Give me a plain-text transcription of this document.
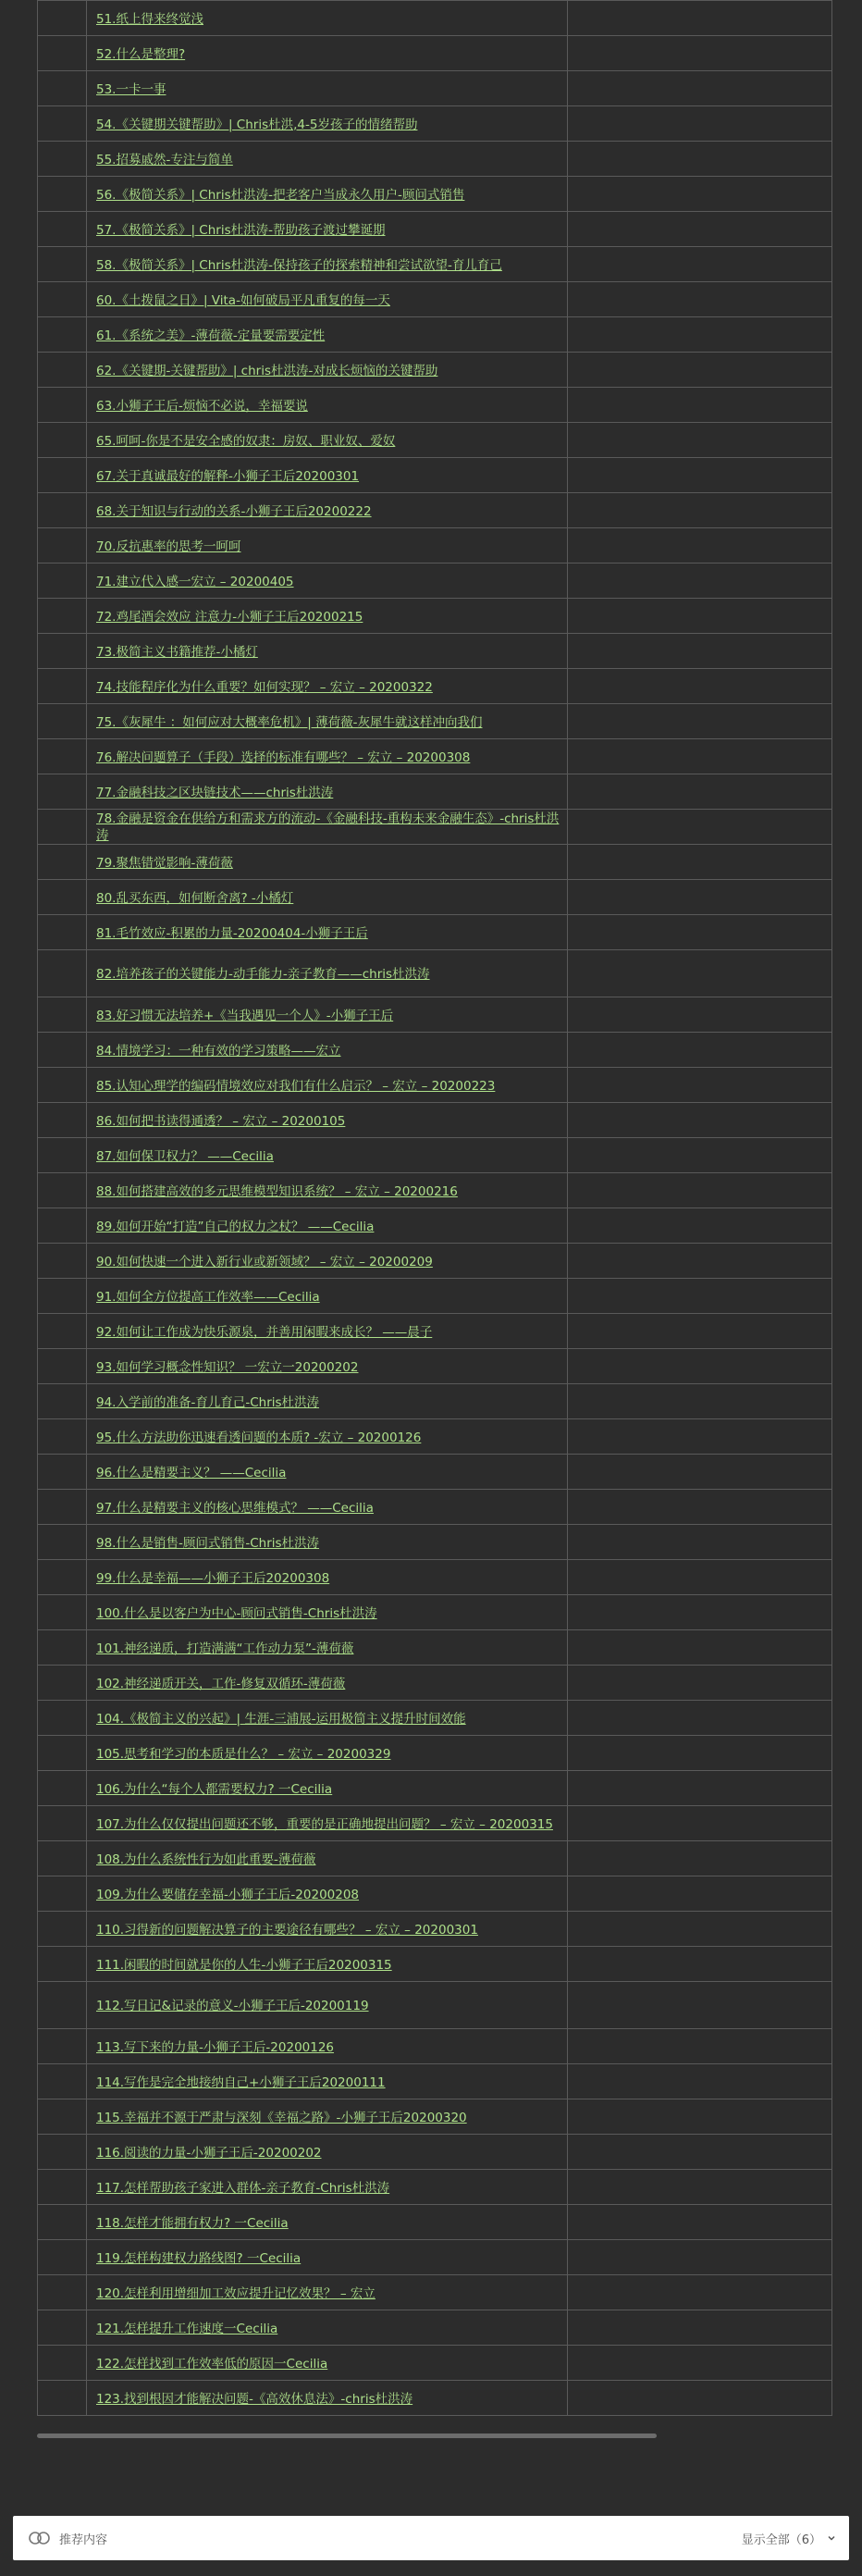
	51.纸上得来终觉浅	
	52.什么是整理?	
	53.一卡一事	
	54.《关键期关键帮助》| Chris杜洪,4-5岁孩子的情绪帮助	
	55.招募戚然-专注与简单	
	56.《极简关系》| Chris杜洪涛-把老客户当成永久用户-顾问式销售	
	57.《极简关系》| Chris杜洪涛-帮助孩子渡过攀诞期	
	58.《极简关系》| Chris杜洪涛-保持孩子的探索精神和尝试欲望-育儿育己	
	60.《土拨鼠之日》| Vita-如何破局平凡重复的每一天	
	61.《系统之美》-薄荷薇-定量要需要定性	
	62.《关键期-关键帮助》| chris杜洪涛-对成长烦恼的关键帮助	
	63.小狮子王后-烦恼不必说，幸福要说	
	65.呵呵-你是不是安全感的奴隶：房奴、职业奴、爱奴	
	67.关于真诚最好的解释-小狮子王后20200301	
	68.关于知识与行动的关系-小狮子王后20200222	
	70.反抗惠率的思考一呵呵	
	71.建立代入感一宏立 – 20200405	
	72.鸡尾酒会效应 注意力-小狮子王后20200215	
	73.极简主义书籍推荐-小橘灯	
	74.技能程序化为什么重要？如何实现？ – 宏立 – 20200322	
	75.《灰犀牛 ：如何应对大概率危机》| 薄荷薇-灰犀牛就这样冲向我们	
	76.解决问题算子（手段）选择的标准有哪些？ – 宏立 – 20200308	
	77.金融科技之区块链技术——chris杜洪涛	
	78.金融是资金在供给方和需求方的流动-《金融科技-重构未来金融生态》-chris杜洪涛	
	79.聚焦错觉影响-薄荷薇	
	80.乱买东西，如何断舍离? -小橘灯	
	81.毛竹效应-积累的力量-20200404-小狮子王后	
	82.培养孩子的关键能力-动手能力-亲子教育——chris杜洪涛	
	83.好习惯无法培养+《当我遇见一个人》-小狮子王后	
	84.情境学习：一种有效的学习策略——宏立	
	85.认知心理学的编码情境效应对我们有什么启示？ – 宏立 – 20200223	
	86.如何把书读得通透？ – 宏立 – 20200105	
	87.如何保卫权力？ ——Cecilia	
	88.如何搭建高效的多元思维模型知识系统？ – 宏立 – 20200216	
	89.如何开始“打造”自己的权力之杖？ ——Cecilia	
	90.如何快速一个进入新行业或新领域？ – 宏立 – 20200209	
	91.如何全方位提高工作效率——Cecilia	
	92.如何让工作成为快乐源泉，并善用闲暇来成长？ ——晨子	
	93.如何学习概念性知识？ 一宏立一20200202	
	94.入学前的准备-育儿育己-Chris杜洪涛	
	95.什么方法助你迅速看透问题的本质? -宏立 – 20200126	
	96.什么是精要主义？ ——Cecilia	
	97.什么是精要主义的核心思维模式？ ——Cecilia	
	98.什么是销售-顾问式销售-Chris杜洪涛	
	99.什么是幸福——小狮子王后20200308	
	100.什么是以客户为中心-顾问式销售-Chris杜洪涛	
	101.神经递质，打造满满“工作动力泵”-薄荷薇	
	102.神经递质开关，工作-修复双循环-薄荷薇	
	104.《极简主义的兴起》| 生涯-三浦展-运用极简主义提升时间效能	
	105.思考和学习的本质是什么？ – 宏立 – 20200329	
	106.为什么“每个人都需要权力? 一Cecilia	
	107.为什么仅仅提出问题还不够，重要的是正确地提出问题？ – 宏立 – 20200315	
	108.为什么系统性行为如此重要-薄荷薇	
	109.为什么要储存幸福-小狮子王后-20200208	
	110.习得新的问题解决算子的主要途径有哪些？ – 宏立 – 20200301	
	111.闲暇的时间就是你的人生-小狮子王后20200315	
	112.写日记&记录的意义-小狮子王后-20200119	
	113.写下来的力量-小狮子王后-20200126	
	114.写作是完全地接纳自己+小狮子王后20200111	
	115.幸福并不源于严肃与深刻《幸福之路》-小狮子王后20200320	
	116.阅读的力量-小狮子王后-20200202	
	117.怎样帮助孩子家进入群体-亲子教育-Chris杜洪涛	
	118.怎样才能拥有权力? 一Cecilia	
	119.怎样构建权力路线图? 一Cecilia	
	120.怎样利用增细加工效应提升记忆效果？ – 宏立	
	121.怎样提升工作速度一Cecilia	
	122.怎样找到工作效率低的原因一Cecilia	
	123.找到根因才能解决问题-《高效休息法》-chris杜洪涛	
推荐内容	显示全部（6）
